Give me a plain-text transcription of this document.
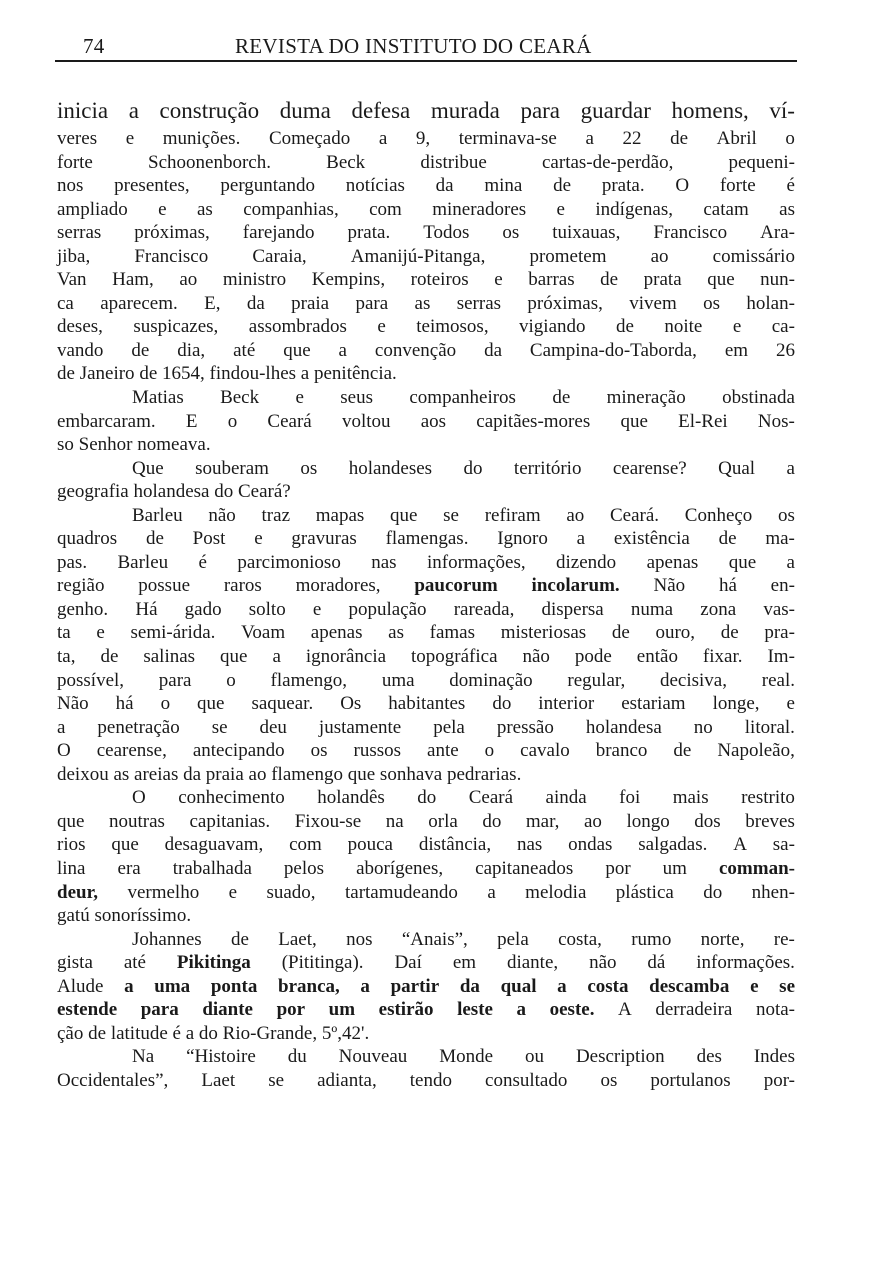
74	REVISTA DO INSTITUTO DO CEARÁ
inicia a construção duma defesa murada para guardar homens, ví-
veres e munições. Começado a 9, terminava-se a 22 de Abril o
forte	Schoonenborch.	Beck	distribue	cartas-de-perdão,	pequeni-
nos presentes, perguntando notícias da mina de prata. O forte é
ampliado e as companhias, com mineradores e indígenas, catam as
serras próximas, farejando prata. Todos os tuixauas, Francisco Ara-
jiba, Francisco Caraia, Amanijú-Pitanga, prometem ao comissário
Van Ham, ao ministro Kempins, roteiros e barras de prata que nun-
ca aparecem. E, da praia para as serras próximas, vivem os holan-
deses, suspicazes, assombrados e teimosos, vigiando de noite e ca-
vando de dia, até que a convenção da Campina-do-Taborda, em 26
de Janeiro de 1654, findou-lhes a penitência.
Matias Beck e seus companheiros de mineração obstinada
embarcaram. E o Ceará voltou aos capitães-mores que El-Rei Nos-
so Senhor nomeava.
Que souberam os holandeses do território cearense? Qual a
geografia holandesa do Ceará?
Barleu não traz mapas que se refiram ao Ceará. Conheço os
quadros de Post e gravuras flamengas. Ignoro a existência de ma-
pas. Barleu é parcimonioso nas informações, dizendo apenas que a
região possue raros moradores, paucorum incolarum. Não há en-
genho. Há gado solto e população rareada, dispersa numa zona vas-
ta e semi-árida. Voam apenas as famas misteriosas de ouro, de pra-
ta, de salinas que a ignorância topográfica não pode então fixar. Im-
possível, para o flamengo, uma dominação regular, decisiva, real.
Não há o que saquear. Os habitantes do interior estariam longe, e
a penetração se deu justamente pela pressão holandesa no litoral.
O cearense, antecipando os russos ante o cavalo branco de Napoleão,
deixou as areias da praia ao flamengo que sonhava pedrarias.
O conhecimento holandês do Ceará ainda foi mais restrito
que noutras capitanias. Fixou-se na orla do mar, ao longo dos breves
rios que desaguavam, com pouca distância, nas ondas salgadas. A sa-
lina era trabalhada pelos aborígenes, capitaneados por um comman-
deur, vermelho e suado, tartamudeando a melodia plástica do nhen-
gatú sonoríssimo.
Johannes de Laet, nos “Anais”, pela costa, rumo norte, re-
gista até Pikitinga (Pititinga). Daí em diante, não dá informações.
Alude a uma ponta branca, a partir da qual a costa descamba e se
estende para diante por um estirão leste a oeste. A derradeira nota-
ção de latitude é a do Rio-Grande, 5º,42'.
Na “Histoire du Nouveau Monde ou Description des Indes
Occidentales”, Laet se adianta, tendo consultado os portulanos por-
